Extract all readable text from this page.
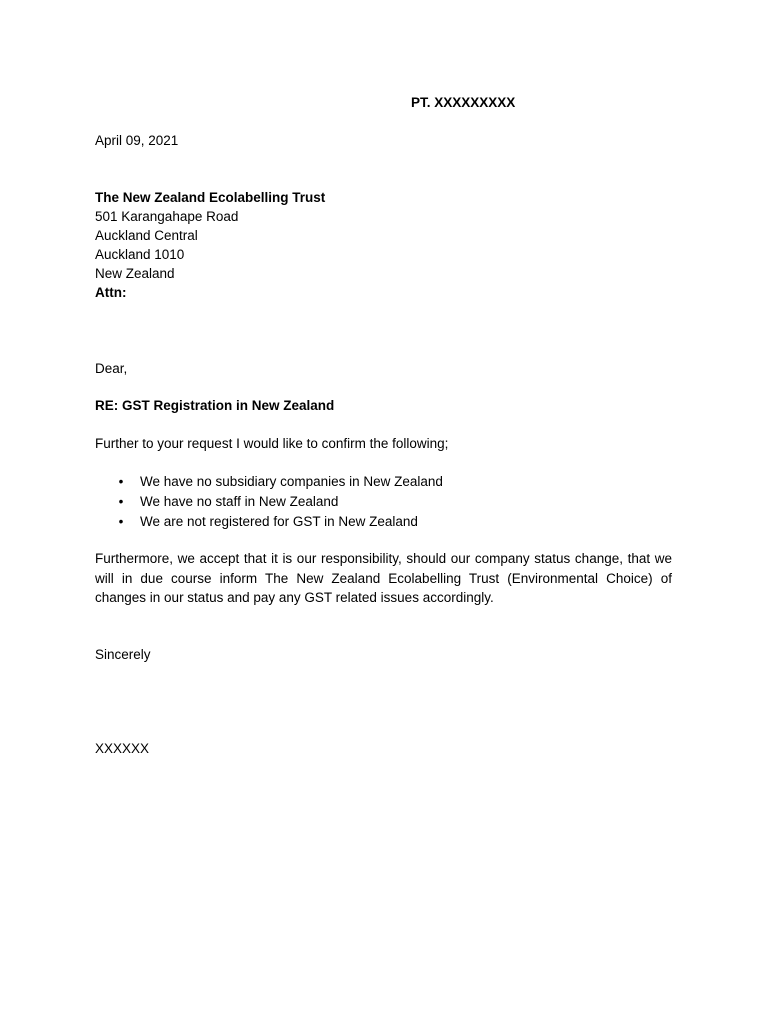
PT. XXXXXXXXX
April 09, 2021
The New Zealand Ecolabelling Trust
501 Karangahape Road
Auckland Central
Auckland 1010
New Zealand
Attn:
Dear,
RE: GST Registration in New Zealand
Further to your request I would like to confirm the following;
• We have no subsidiary companies in New Zealand
• We have no staff in New Zealand
• We are not registered for GST in New Zealand
Furthermore, we accept that it is our responsibility, should our company status change, that we will in due course inform The New Zealand Ecolabelling Trust (Environmental Choice) of changes in our status and pay any GST related issues accordingly.
Sincerely
XXXXXX
